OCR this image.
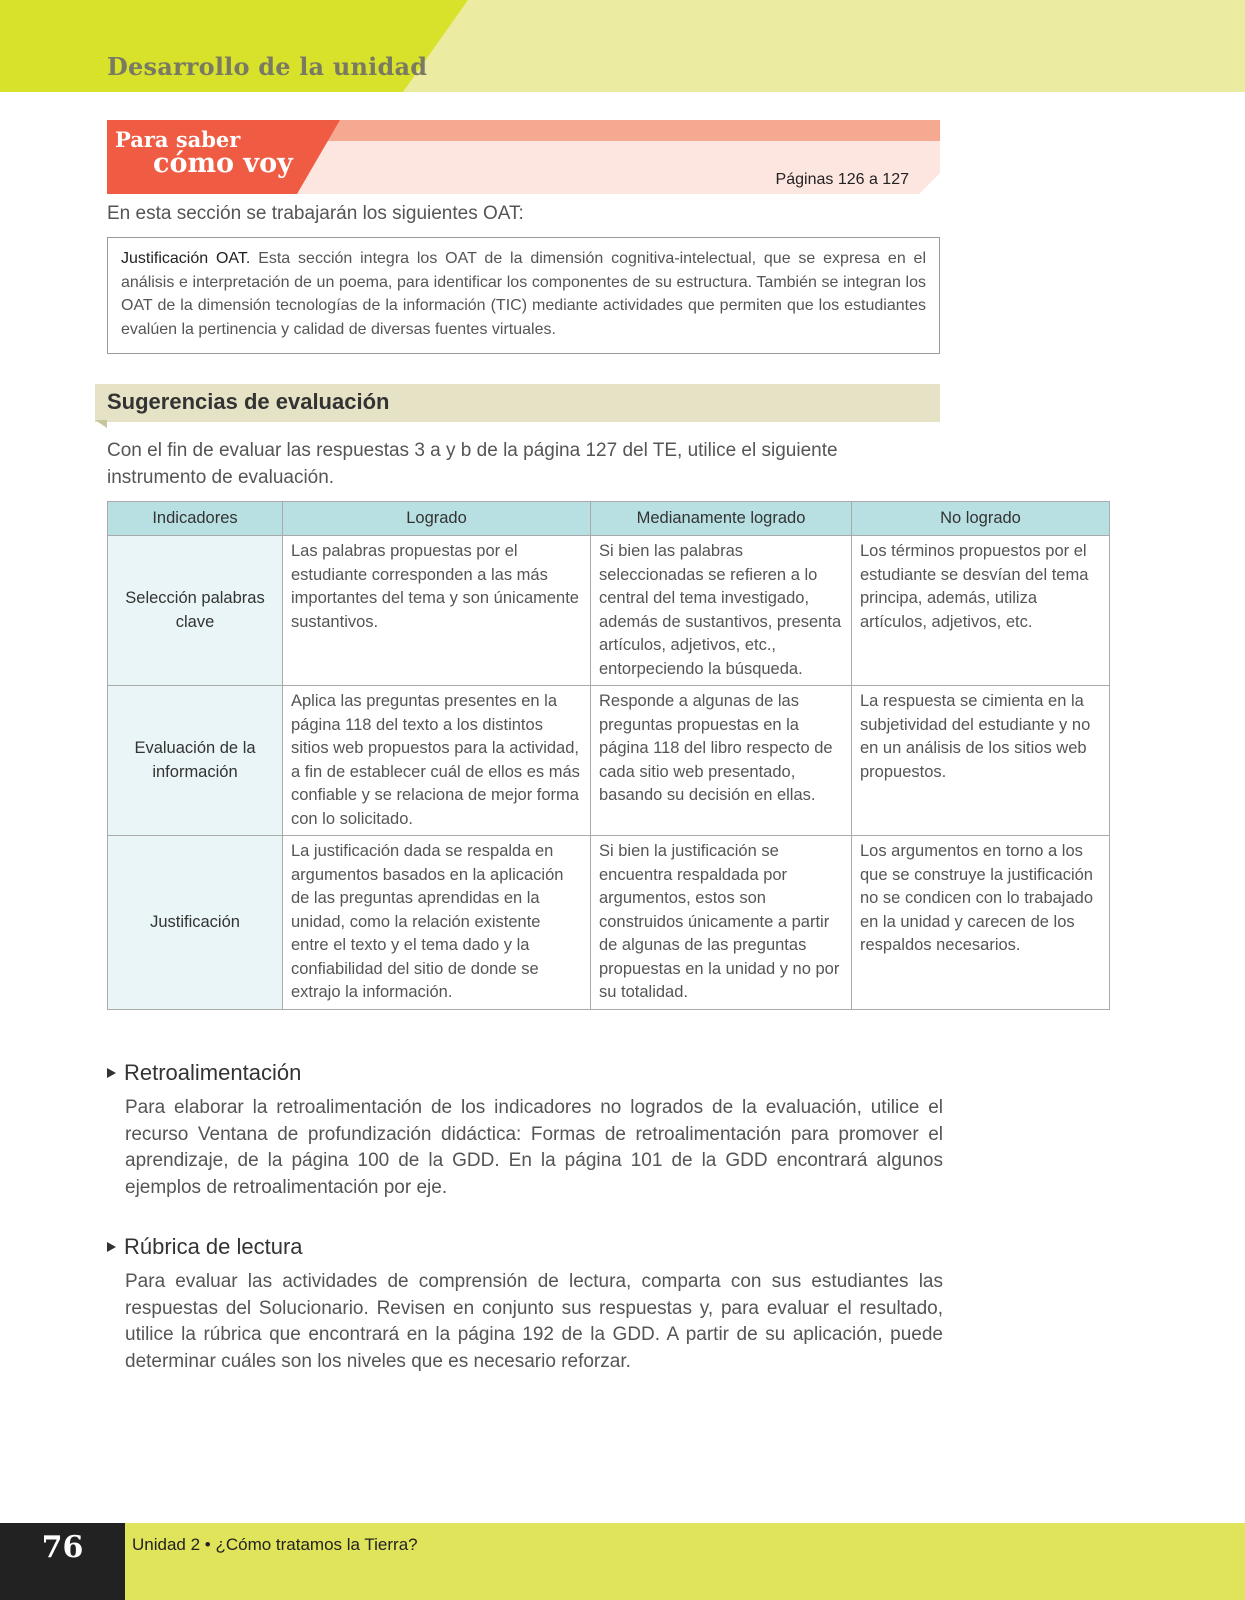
Desarrollo de la unidad
Para saber
cómo voy
Páginas 126 a 127

En esta sección se trabajarán los siguientes OAT:

Justificación OAT. Esta sección integra los OAT de la dimensión cognitiva-intelectual, que se expresa en el análisis e interpretación de un poema, para identificar los componentes de su estructura. También se integran los OAT de la dimensión tecnologías de la información (TIC) mediante actividades que permiten que los estudiantes evalúen la pertinencia y calidad de diversas fuentes virtuales.
Sugerencias de evaluación

Con el fin de evaluar las respuestas 3 a y b de la página 127 del TE, utilice el siguiente instrumento de evaluación.

Indicadores	Logrado	Medianamente logrado	No logrado
Selección palabras clave	Las palabras propuestas por el estudiante corresponden a las más importantes del tema y son únicamente sustantivos.	Si bien las palabras seleccionadas se refieren a lo central del tema investigado, además de sustantivos, presenta artículos, adjetivos, etc., entorpeciendo la búsqueda.	Los términos propuestos por el estudiante se desvían del tema principa, además, utiliza artículos, adjetivos, etc.
Evaluación de la información	Aplica las preguntas presentes en la página 118 del texto a los distintos sitios web propuestos para la actividad, a fin de establecer cuál de ellos es más confiable y se relaciona de mejor forma con lo solicitado.	Responde a algunas de las preguntas propuestas en la página 118 del libro respecto de cada sitio web presentado, basando su decisión en ellas.	La respuesta se cimienta en la subjetividad del estudiante y no en un análisis de los sitios web propuestos.
Justificación	La justificación dada se respalda en argumentos basados en la aplicación de las preguntas aprendidas en la unidad, como la relación existente entre el texto y el tema dado y la confiabilidad del sitio de donde se extrajo la información.	Si bien la justificación se encuentra respaldada por argumentos, estos son construidos únicamente a partir de algunas de las preguntas propuestas en la unidad y no por su totalidad.	Los argumentos en torno a los que se construye la justificación no se condicen con lo trabajado en la unidad y carecen de los respaldos necesarios.
Retroalimentación
Para elaborar la retroalimentación de los indicadores no logrados de la evaluación, utilice el recurso Ventana de profundización didáctica: Formas de retroalimentación para promover el aprendizaje, de la página 100 de la GDD. En la página 101 de la GDD encontrará algunos ejemplos de retroalimentación por eje.
Rúbrica de lectura
Para evaluar las actividades de comprensión de lectura, comparta con sus estudiantes las respuestas del Solucionario. Revisen en conjunto sus respuestas y, para evaluar el resultado, utilice la rúbrica que encontrará en la página 192 de la GDD. A partir de su aplicación, puede determinar cuáles son los niveles que es necesario reforzar.
76	Unidad 2 • ¿Cómo tratamos la Tierra?
